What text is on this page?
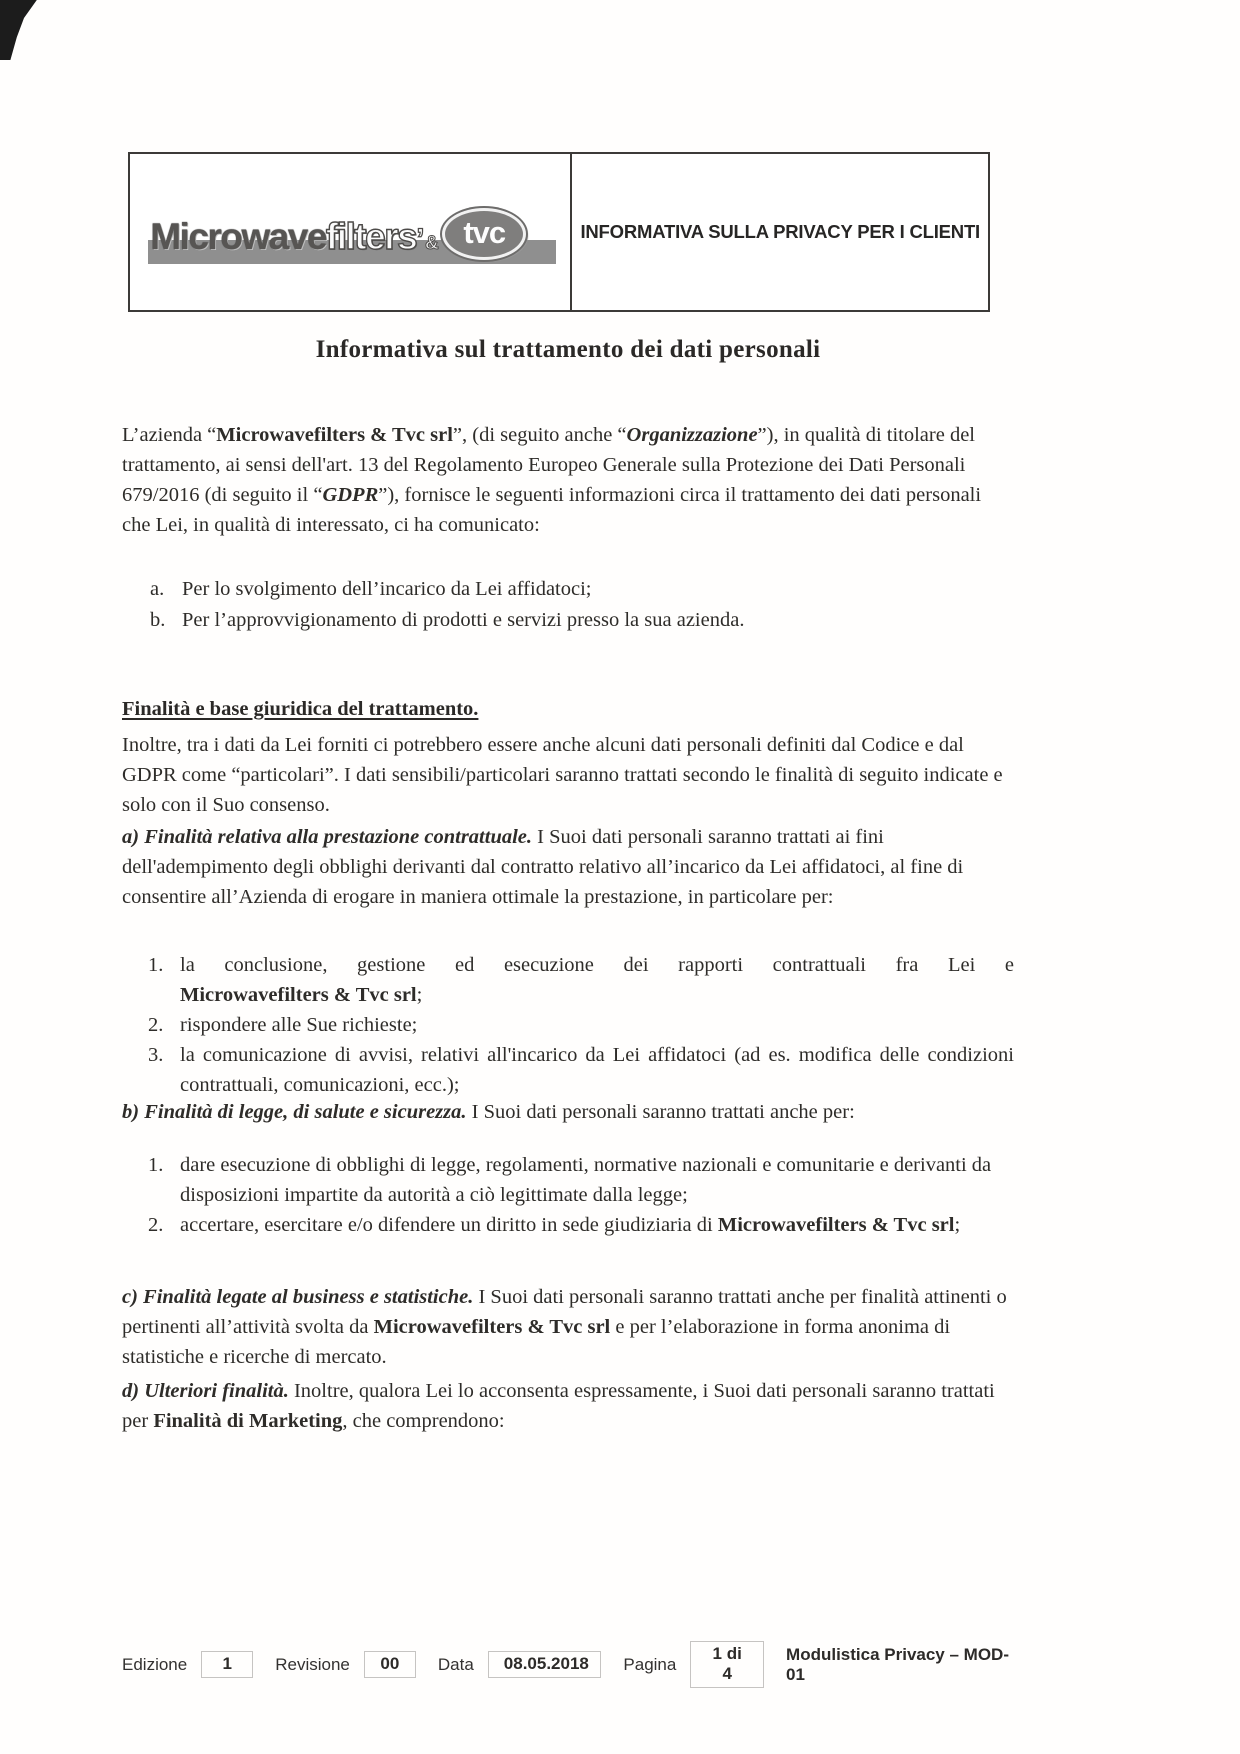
Microwavefilters’ & tvc	INFORMATIVA SULLA PRIVACY PER I CLIENTI
Informativa sul trattamento dei dati personali

L’azienda “Microwavefilters & Tvc srl”, (di seguito anche “Organizzazione”), in qualità di titolare del trattamento, ai sensi dell'art. 13 del Regolamento Europeo Generale sulla Protezione dei Dati Personali 679/2016 (di seguito il “GDPR”), fornisce le seguenti informazioni circa il trattamento dei dati personali che Lei, in qualità di interessato, ci ha comunicato:

a. Per lo svolgimento dell’incarico da Lei affidatoci;
b. Per l’approvvigionamento di prodotti e servizi presso la sua azienda.
Finalità e base giuridica del trattamento.

Inoltre, tra i dati da Lei forniti ci potrebbero essere anche alcuni dati personali definiti dal Codice e dal GDPR come “particolari”. I dati sensibili/particolari saranno trattati secondo le finalità di seguito indicate e solo con il Suo consenso.

a) Finalità relativa alla prestazione contrattuale. I Suoi dati personali saranno trattati ai fini dell'adempimento degli obblighi derivanti dal contratto relativo all’incarico da Lei affidatoci, al fine di consentire all’Azienda di erogare in maniera ottimale la prestazione, in particolare per:

1. la conclusione, gestione ed esecuzione dei rapporti contrattuali fra Lei e Microwavefilters & Tvc srl;
2. rispondere alle Sue richieste;
3. la comunicazione di avvisi, relativi all'incarico da Lei affidatoci (ad es. modifica delle condizioni contrattuali, comunicazioni, ecc.);

b) Finalità di legge, di salute e sicurezza. I Suoi dati personali saranno trattati anche per:

1. dare esecuzione di obblighi di legge, regolamenti, normative nazionali e comunitarie e derivanti da disposizioni impartite da autorità a ciò legittimate dalla legge;
2. accertare, esercitare e/o difendere un diritto in sede giudiziaria di Microwavefilters & Tvc srl;

c) Finalità legate al business e statistiche. I Suoi dati personali saranno trattati anche per finalità attinenti o pertinenti all’attività svolta da Microwavefilters & Tvc srl e per l’elaborazione in forma anonima di statistiche e ricerche di mercato.

d) Ulteriori finalità. Inoltre, qualora Lei lo acconsenta espressamente, i Suoi dati personali saranno trattati per Finalità di Marketing, che comprendono:

Edizione	1	Revisione	00	Data	08.05.2018	Pagina
1 di 4
Modulistica Privacy – MOD-01
